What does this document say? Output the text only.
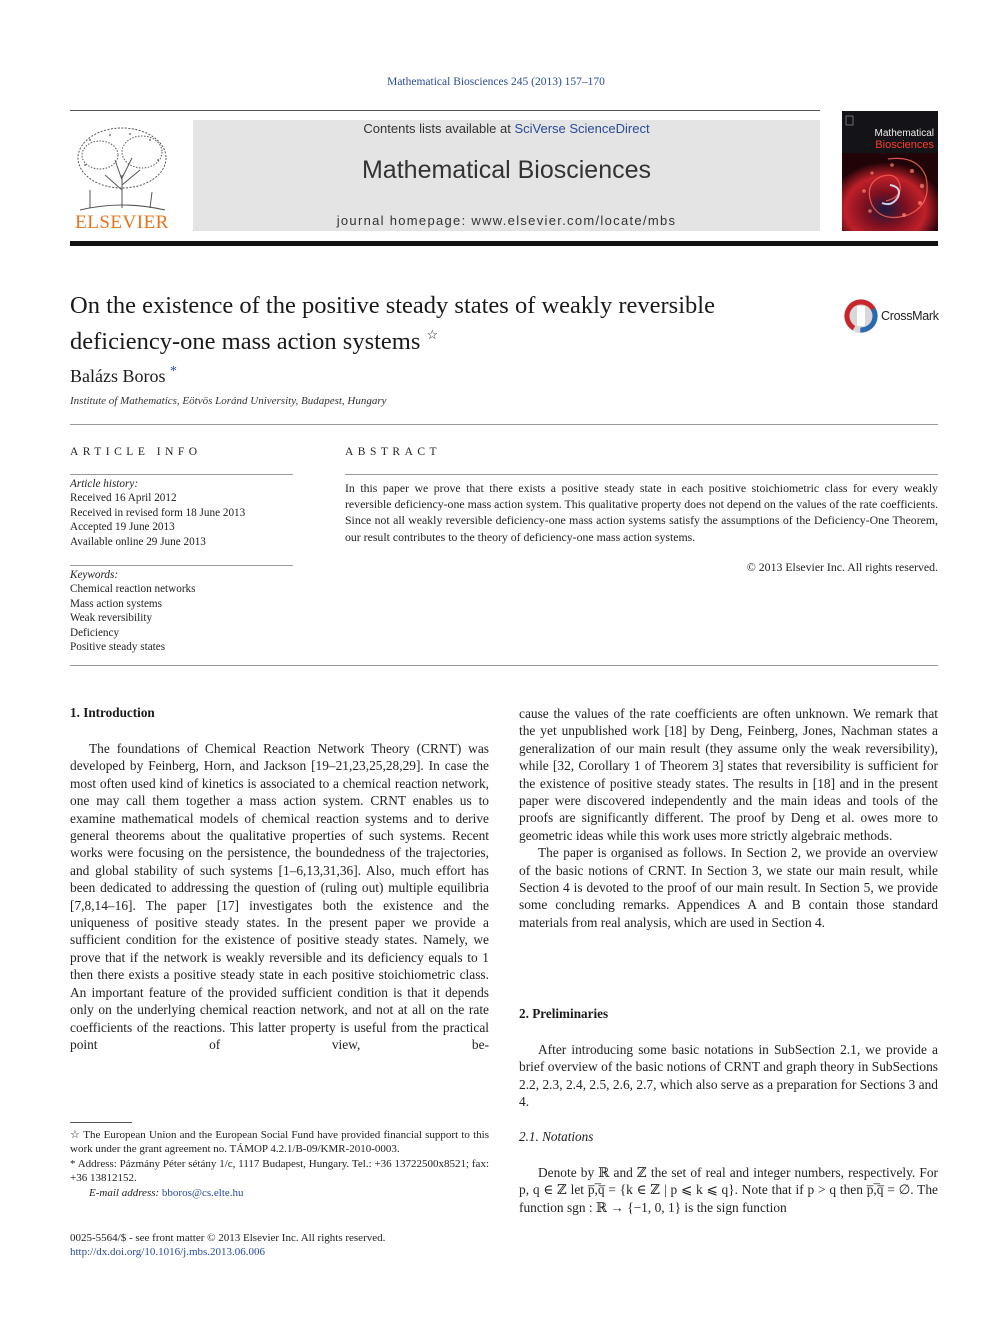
Mathematical Biosciences 245 (2013) 157–170
ELSEVIER
Contents lists available at SciVerse ScienceDirect
Mathematical Biosciences
journal homepage: www.elsevier.com/locate/mbs
Mathematical
Biosciences
On the existence of the positive steady states of weakly reversible
deficiency-one mass action systems ☆
CrossMark
Balázs Boros *
Institute of Mathematics, Eötvös Loránd University, Budapest, Hungary
ARTICLE INFO
Article history:
Received 16 April 2012
Received in revised form 18 June 2013
Accepted 19 June 2013
Available online 29 June 2013
Keywords:
Chemical reaction networks
Mass action systems
Weak reversibility
Deficiency
Positive steady states
ABSTRACT
In this paper we prove that there exists a positive steady state in each positive stoichiometric class for every weakly reversible deficiency-one mass action system. This qualitative property does not depend on the values of the rate coefficients. Since not all weakly reversible deficiency-one mass action systems satisfy the assumptions of the Deficiency-One Theorem, our result contributes to the theory of deficiency-one mass action systems.
© 2013 Elsevier Inc. All rights reserved.
1. Introduction

The foundations of Chemical Reaction Network Theory (CRNT) was developed by Feinberg, Horn, and Jackson [19–21,23,25,28,29]. In case the most often used kind of kinetics is associated to a chemical reaction network, one may call them together a mass action system. CRNT enables us to examine mathematical models of chemical reaction systems and to derive general theorems about the qualitative properties of such systems. Recent works were focusing on the persistence, the boundedness of the trajectories, and global stability of such systems [1–6,13,31,36]. Also, much effort has been dedicated to addressing the question of (ruling out) multiple equilibria [7,8,14–16]. The paper [17] investigates both the existence and the uniqueness of positive steady states. In the present paper we provide a sufficient condition for the existence of positive steady states. Namely, we prove that if the network is weakly reversible and its deficiency equals to 1 then there exists a positive steady state in each positive stoichiometric class. An important feature of the provided sufficient condition is that it depends only on the underlying chemical reaction network, and not at all on the rate coefficients of the reactions. This latter property is useful from the practical point of view, be-

☆ The European Union and the European Social Fund have provided financial support to this work under the grant agreement no. TÁMOP 4.2.1/B-09/KMR-2010-0003.
* Address: Pázmány Péter sétány 1/c, 1117 Budapest, Hungary. Tel.: +36 13722500x8521; fax: +36 13812152.
E-mail address: bboros@cs.elte.hu
0025-5564/$ - see front matter © 2013 Elsevier Inc. All rights reserved.
http://dx.doi.org/10.1016/j.mbs.2013.06.006

cause the values of the rate coefficients are often unknown. We remark that the yet unpublished work [18] by Deng, Feinberg, Jones, Nachman states a generalization of our main result (they assume only the weak reversibility), while [32, Corollary 1 of Theorem 3] states that reversibility is sufficient for the existence of positive steady states. The results in [18] and in the present paper were discovered independently and the main ideas and tools of the proofs are significantly different. The proof by Deng et al. owes more to geometric ideas while this work uses more strictly algebraic methods.

The paper is organised as follows. In Section 2, we provide an overview of the basic notions of CRNT. In Section 3, we state our main result, while Section 4 is devoted to the proof of our main result. In Section 5, we provide some concluding remarks. Appendices A and B contain those standard materials from real analysis, which are used in Section 4.

2. Preliminaries

After introducing some basic notations in SubSection 2.1, we provide a brief overview of the basic notions of CRNT and graph theory in SubSections 2.2, 2.3, 2.4, 2.5, 2.6, 2.7, which also serve as a preparation for Sections 3 and 4.

2.1. Notations

Denote by ℝ and ℤ the set of real and integer numbers, respectively. For p, q ∈ ℤ let p̅,̅q̅ = {k ∈ ℤ | p ⩽ k ⩽ q}. Note that if p > q then p̅,̅q̅ = ∅. The function sgn : ℝ → {−1, 0, 1} is the sign function
